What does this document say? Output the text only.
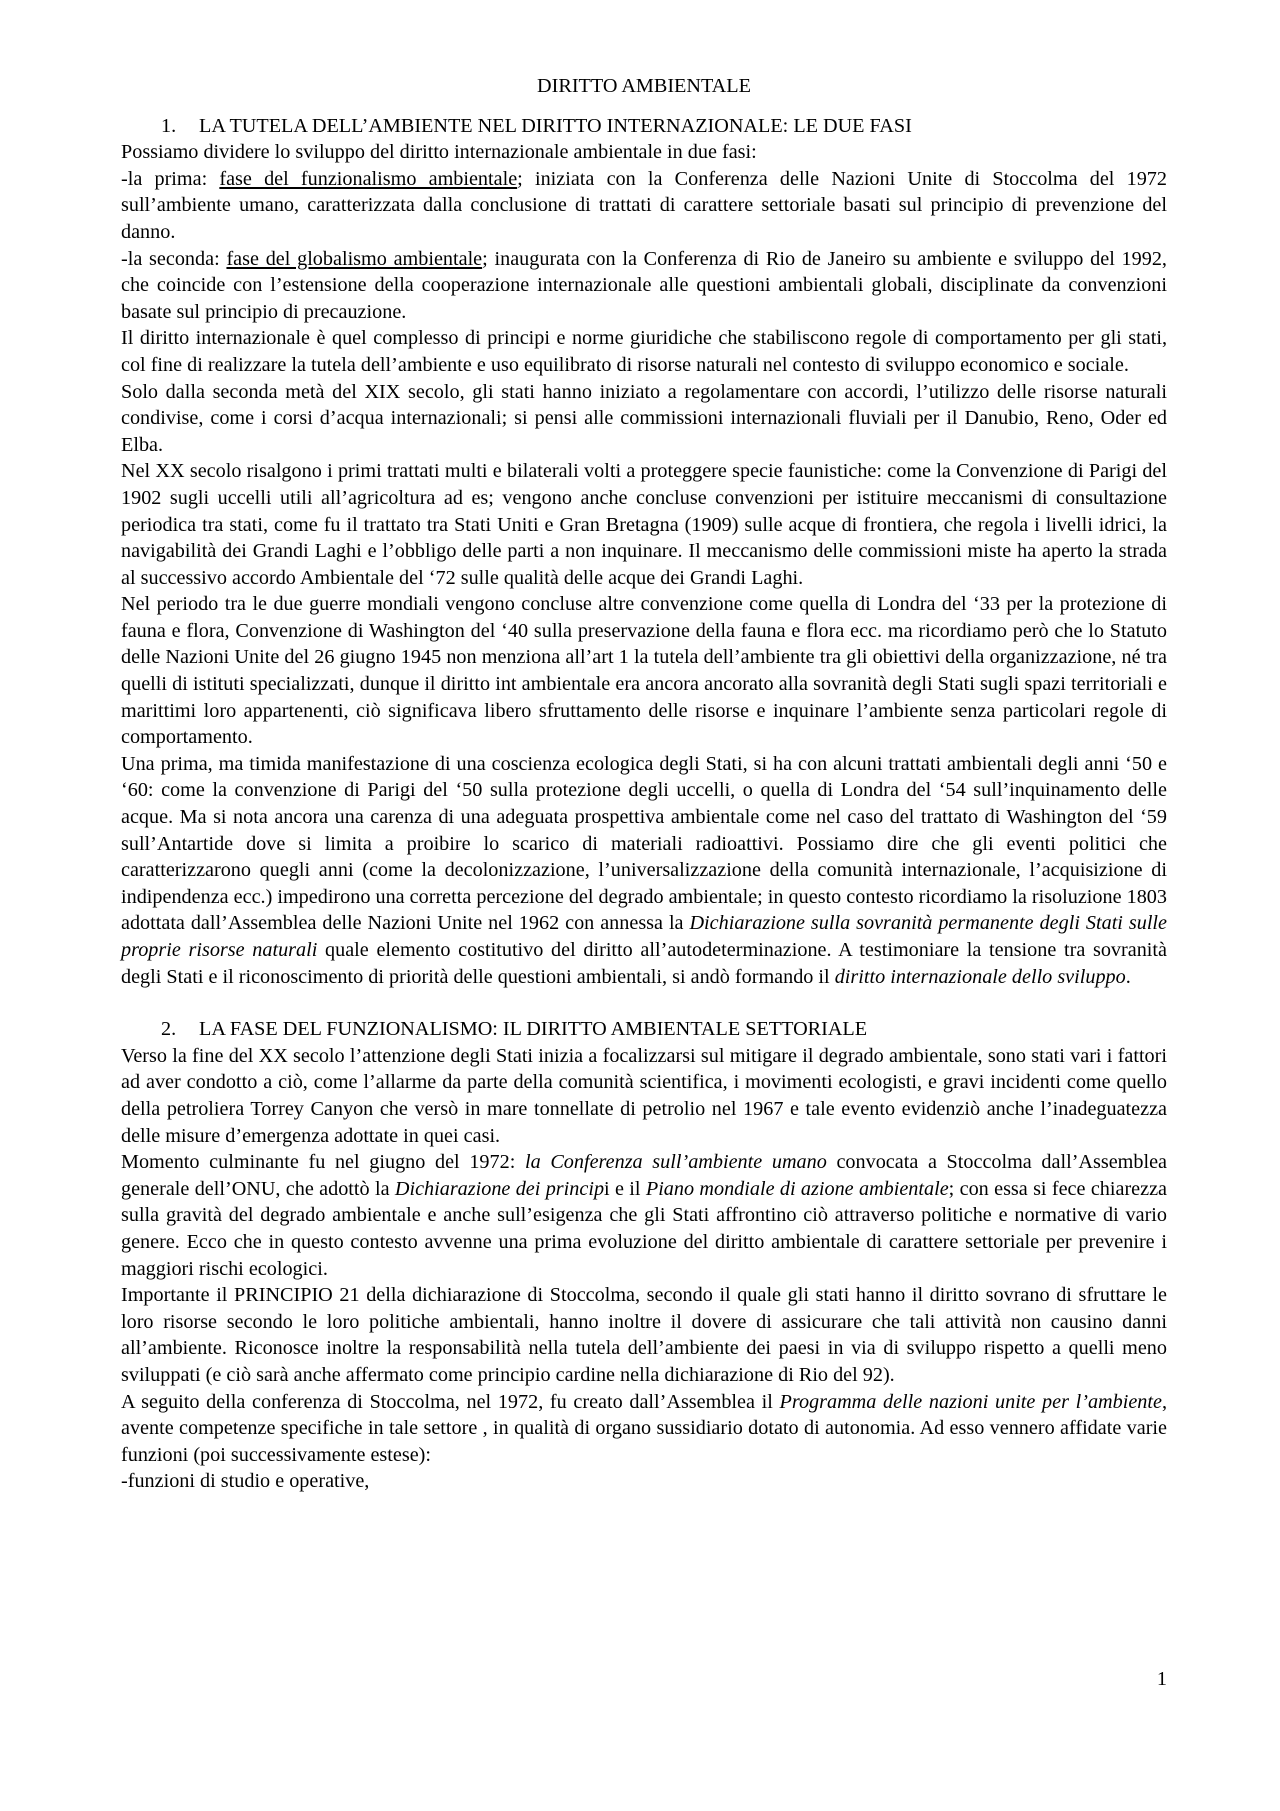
DIRITTO AMBIENTALE
1. LA TUTELA DELL’AMBIENTE NEL DIRITTO INTERNAZIONALE: LE DUE FASI

Possiamo dividere lo sviluppo del diritto internazionale ambientale in due fasi:

-la prima: fase del funzionalismo ambientale; iniziata con la Conferenza delle Nazioni Unite di Stoccolma del 1972 sull’ambiente umano, caratterizzata dalla conclusione di trattati di carattere settoriale basati sul principio di prevenzione del danno.

-la seconda: fase del globalismo ambientale; inaugurata con la Conferenza di Rio de Janeiro su ambiente e sviluppo del 1992, che coincide con l’estensione della cooperazione internazionale alle questioni ambientali globali, disciplinate da convenzioni basate sul principio di precauzione.

Il diritto internazionale è quel complesso di principi e norme giuridiche che stabiliscono regole di comportamento per gli stati, col fine di realizzare la tutela dell’ambiente e uso equilibrato di risorse naturali nel contesto di sviluppo economico e sociale.

Solo dalla seconda metà del XIX secolo, gli stati hanno iniziato a regolamentare con accordi, l’utilizzo delle risorse naturali condivise, come i corsi d’acqua internazionali; si pensi alle commissioni internazionali fluviali per il Danubio, Reno, Oder ed Elba.

Nel XX secolo risalgono i primi trattati multi e bilaterali volti a proteggere specie faunistiche: come la Convenzione di Parigi del 1902 sugli uccelli utili all’agricoltura ad es; vengono anche concluse convenzioni per istituire meccanismi di consultazione periodica tra stati, come fu il trattato tra Stati Uniti e Gran Bretagna (1909) sulle acque di frontiera, che regola i livelli idrici, la navigabilità dei Grandi Laghi e l’obbligo delle parti a non inquinare. Il meccanismo delle commissioni miste ha aperto la strada al successivo accordo Ambientale del ‘72 sulle qualità delle acque dei Grandi Laghi.

Nel periodo tra le due guerre mondiali vengono concluse altre convenzione come quella di Londra del ‘33 per la protezione di fauna e flora, Convenzione di Washington del ‘40 sulla preservazione della fauna e flora ecc. ma ricordiamo però che lo Statuto delle Nazioni Unite del 26 giugno 1945 non menziona all’art 1 la tutela dell’ambiente tra gli obiettivi della organizzazione, né tra quelli di istituti specializzati, dunque il diritto int ambientale era ancora ancorato alla sovranità degli Stati sugli spazi territoriali e marittimi loro appartenenti, ciò significava libero sfruttamento delle risorse e inquinare l’ambiente senza particolari regole di comportamento.

Una prima, ma timida manifestazione di una coscienza ecologica degli Stati, si ha con alcuni trattati ambientali degli anni ‘50 e ‘60: come la convenzione di Parigi del ‘50 sulla protezione degli uccelli, o quella di Londra del ‘54 sull’inquinamento delle acque. Ma si nota ancora una carenza di una adeguata prospettiva ambientale come nel caso del trattato di Washington del ‘59 sull’Antartide dove si limita a proibire lo scarico di materiali radioattivi. Possiamo dire che gli eventi politici che caratterizzarono quegli anni (come la decolonizzazione, l’universalizzazione della comunità internazionale, l’acquisizione di indipendenza ecc.) impedirono una corretta percezione del degrado ambientale; in questo contesto ricordiamo la risoluzione 1803 adottata dall’Assemblea delle Nazioni Unite nel 1962 con annessa la Dichiarazione sulla sovranità permanente degli Stati sulle proprie risorse naturali quale elemento costitutivo del diritto all’autodeterminazione. A testimoniare la tensione tra sovranità degli Stati e il riconoscimento di priorità delle questioni ambientali, si andò formando il diritto internazionale dello sviluppo.

2. LA FASE DEL FUNZIONALISMO: IL DIRITTO AMBIENTALE SETTORIALE

Verso la fine del XX secolo l’attenzione degli Stati inizia a focalizzarsi sul mitigare il degrado ambientale, sono stati vari i fattori ad aver condotto a ciò, come l’allarme da parte della comunità scientifica, i movimenti ecologisti, e gravi incidenti come quello della petroliera Torrey Canyon che versò in mare tonnellate di petrolio nel 1967 e tale evento evidenziò anche l’inadeguatezza delle misure d’emergenza adottate in quei casi.

Momento culminante fu nel giugno del 1972: la Conferenza sull’ambiente umano convocata a Stoccolma dall’Assemblea generale dell’ONU, che adottò la Dichiarazione dei principi e il Piano mondiale di azione ambientale; con essa si fece chiarezza sulla gravità del degrado ambientale e anche sull’esigenza che gli Stati affrontino ciò attraverso politiche e normative di vario genere. Ecco che in questo contesto avvenne una prima evoluzione del diritto ambientale di carattere settoriale per prevenire i maggiori rischi ecologici.

Importante il PRINCIPIO 21 della dichiarazione di Stoccolma, secondo il quale gli stati hanno il diritto sovrano di sfruttare le loro risorse secondo le loro politiche ambientali, hanno inoltre il dovere di assicurare che tali attività non causino danni all’ambiente. Riconosce inoltre la responsabilità nella tutela dell’ambiente dei paesi in via di sviluppo rispetto a quelli meno sviluppati (e ciò sarà anche affermato come principio cardine nella dichiarazione di Rio del 92).

A seguito della conferenza di Stoccolma, nel 1972, fu creato dall’Assemblea il Programma delle nazioni unite per l’ambiente, avente competenze specifiche in tale settore , in qualità di organo sussidiario dotato di autonomia. Ad esso vennero affidate varie funzioni (poi successivamente estese):

-funzioni di studio e operative,

1
